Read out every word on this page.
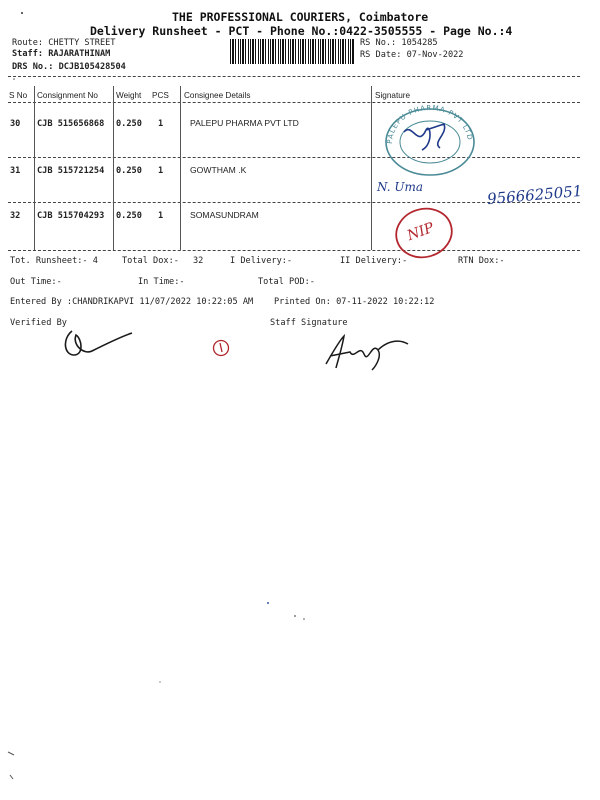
THE PROFESSIONAL COURIERS, Coimbatore
Delivery Runsheet - PCT - Phone No.:0422-3505555 - Page No.:4
Route: CHETTY STREET
Staff: RAJARATHINAM
DRS No.: DCJB105428504
RS No.: 1054285
RS Date: 07-Nov-2022
S No Consignment No Weight PCS Consignee Details	Signature
30 CJB 515656868 0.250 1	PALEPU PHARMA PVT LTD
31 CJB 515721254 0.250 1	GOWTHAM .K
32 CJB 515704293 0.250 1	SOMASUNDRAM
PALEPU PHARMA PVT LTD
N. Uma	9566625051
NIP
Tot. Runsheet:- 4	Total Dox:- 32	I Delivery:-	II Delivery:-	RTN Dox:-
Out Time:-	In Time:-	Total POD:-
Entered By :CHANDRIKAPVI 11/07/2022 10:22:05 AM Printed On: 07-11-2022 10:22:12
Verified By	Staff Signature
